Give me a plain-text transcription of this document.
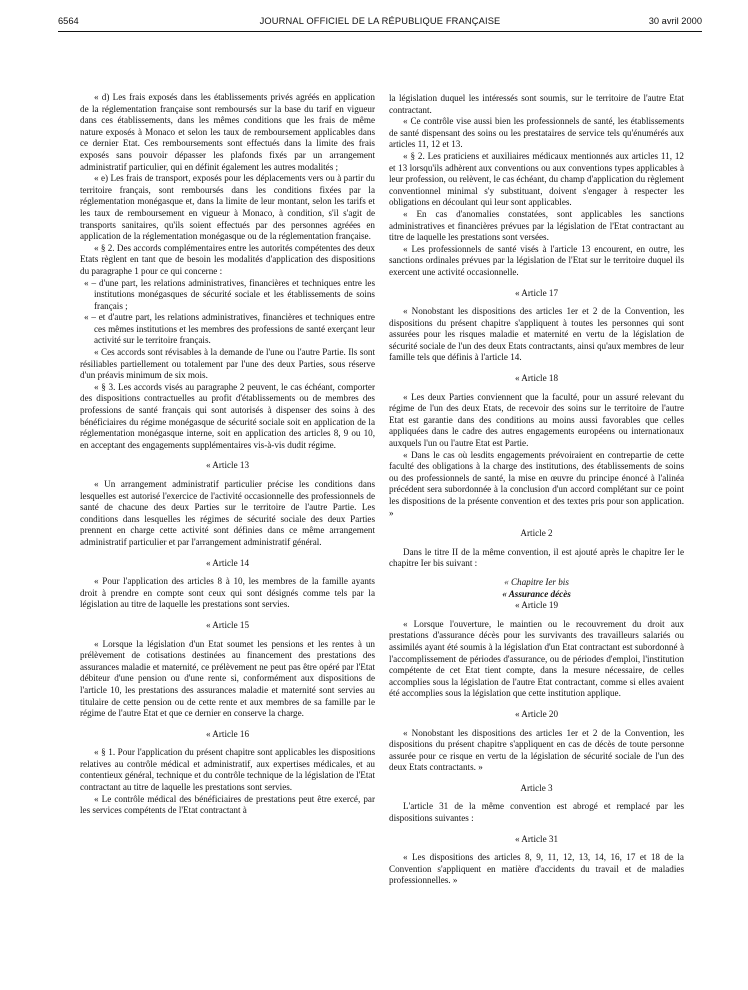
6564	JOURNAL OFFICIEL DE LA RÉPUBLIQUE FRANÇAISE	30 avril 2000

« d) Les frais exposés dans les établissements privés agréés en application de la réglementation française sont remboursés sur la base du tarif en vigueur dans ces établissements, dans les mêmes conditions que les frais de même nature exposés à Monaco et selon les taux de remboursement applicables dans ce dernier Etat. Ces remboursements sont effectués dans la limite des frais exposés sans pouvoir dépasser les plafonds fixés par un arrangement administratif particulier, qui en définit également les autres modalités ;

« e) Les frais de transport, exposés pour les déplacements vers ou à partir du territoire français, sont remboursés dans les conditions fixées par la réglementation monégasque et, dans la limite de leur montant, selon les tarifs et les taux de remboursement en vigueur à Monaco, à condition, s'il s'agit de transports sanitaires, qu'ils soient effectués par des personnes agréées en application de la réglementation monégasque ou de la réglementation française.

« § 2. Des accords complémentaires entre les autorités compétentes des deux Etats règlent en tant que de besoin les modalités d'application des dispositions du paragraphe 1 pour ce qui concerne :

« – d'une part, les relations administratives, financières et techniques entre les institutions monégasques de sécurité sociale et les établissements de soins français ;

« – et d'autre part, les relations administratives, financières et techniques entre ces mêmes institutions et les membres des professions de santé exerçant leur activité sur le territoire français.

« Ces accords sont révisables à la demande de l'une ou l'autre Partie. Ils sont résiliables partiellement ou totalement par l'une des deux Parties, sous réserve d'un préavis minimum de six mois.

« § 3. Les accords visés au paragraphe 2 peuvent, le cas échéant, comporter des dispositions contractuelles au profit d'établissements ou de membres des professions de santé français qui sont autorisés à dispenser des soins à des bénéficiaires du régime monégasque de sécurité sociale soit en application de la réglementation monégasque interne, soit en application des articles 8, 9 ou 10, en acceptant des engagements supplémentaires vis-à-vis dudit régime.

« Article 13

« Un arrangement administratif particulier précise les conditions dans lesquelles est autorisé l'exercice de l'activité occasionnelle des professionnels de santé de chacune des deux Parties sur le territoire de l'autre Partie. Les conditions dans lesquelles les régimes de sécurité sociale des deux Parties prennent en charge cette activité sont définies dans ce même arrangement administratif particulier et par l'arrangement administratif général.

« Article 14

« Pour l'application des articles 8 à 10, les membres de la famille ayants droit à prendre en compte sont ceux qui sont désignés comme tels par la législation au titre de laquelle les prestations sont servies.

« Article 15

« Lorsque la législation d'un Etat soumet les pensions et les rentes à un prélèvement de cotisations destinées au financement des prestations des assurances maladie et maternité, ce prélèvement ne peut pas être opéré par l'Etat débiteur d'une pension ou d'une rente si, conformément aux dispositions de l'article 10, les prestations des assurances maladie et maternité sont servies au titulaire de cette pension ou de cette rente et aux membres de sa famille par le régime de l'autre Etat et que ce dernier en conserve la charge.

« Article 16

« § 1. Pour l'application du présent chapitre sont applicables les dispositions relatives au contrôle médical et administratif, aux expertises médicales, et au contentieux général, technique et du contrôle technique de la législation de l'Etat contractant au titre de laquelle les prestations sont servies.

« Le contrôle médical des bénéficiaires de prestations peut être exercé, par les services compétents de l'Etat contractant à

la législation duquel les intéressés sont soumis, sur le territoire de l'autre Etat contractant.

« Ce contrôle vise aussi bien les professionnels de santé, les établissements de santé dispensant des soins ou les prestataires de service tels qu'énumérés aux articles 11, 12 et 13.

« § 2. Les praticiens et auxiliaires médicaux mentionnés aux articles 11, 12 et 13 lorsqu'ils adhèrent aux conventions ou aux conventions types applicables à leur profession, ou relèvent, le cas échéant, du champ d'application du règlement conventionnel minimal s'y substituant, doivent s'engager à respecter les obligations en découlant qui leur sont applicables.

« En cas d'anomalies constatées, sont applicables les sanctions administratives et financières prévues par la législation de l'Etat contractant au titre de laquelle les prestations sont versées.

« Les professionnels de santé visés à l'article 13 encourent, en outre, les sanctions ordinales prévues par la législation de l'Etat sur le territoire duquel ils exercent une activité occasionnelle.

« Article 17

« Nonobstant les dispositions des articles 1er et 2 de la Convention, les dispositions du présent chapitre s'appliquent à toutes les personnes qui sont assurées pour les risques maladie et maternité en vertu de la législation de sécurité sociale de l'un des deux Etats contractants, ainsi qu'aux membres de leur famille tels que définis à l'article 14.

« Article 18

« Les deux Parties conviennent que la faculté, pour un assuré relevant du régime de l'un des deux Etats, de recevoir des soins sur le territoire de l'autre Etat est garantie dans des conditions au moins aussi favorables que celles appliquées dans le cadre des autres engagements européens ou internationaux auxquels l'un ou l'autre Etat est Partie.

« Dans le cas où lesdits engagements prévoiraient en contrepartie de cette faculté des obligations à la charge des institutions, des établissements de soins ou des professionnels de santé, la mise en œuvre du principe énoncé à l'alinéa précédent sera subordonnée à la conclusion d'un accord complétant sur ce point les dispositions de la présente convention et des textes pris pour son application. »

Article 2

Dans le titre II de la même convention, il est ajouté après le chapitre Ier le chapitre Ier bis suivant :

« Chapitre Ier bis

« Assurance décès

« Article 19

« Lorsque l'ouverture, le maintien ou le recouvrement du droit aux prestations d'assurance décès pour les survivants des travailleurs salariés ou assimilés ayant été soumis à la législation d'un Etat contractant est subordonné à l'accomplissement de périodes d'assurance, ou de périodes d'emploi, l'institution compétente de cet Etat tient compte, dans la mesure nécessaire, de celles accomplies sous la législation de l'autre Etat contractant, comme si elles avaient été accomplies sous la législation que cette institution applique.

« Article 20

« Nonobstant les dispositions des articles 1er et 2 de la Convention, les dispositions du présent chapitre s'appliquent en cas de décès de toute personne assurée pour ce risque en vertu de la législation de sécurité sociale de l'un des deux Etats contractants. »

Article 3

L'article 31 de la même convention est abrogé et remplacé par les dispositions suivantes :

« Article 31

« Les dispositions des articles 8, 9, 11, 12, 13, 14, 16, 17 et 18 de la Convention s'appliquent en matière d'accidents du travail et de maladies professionnelles. »
